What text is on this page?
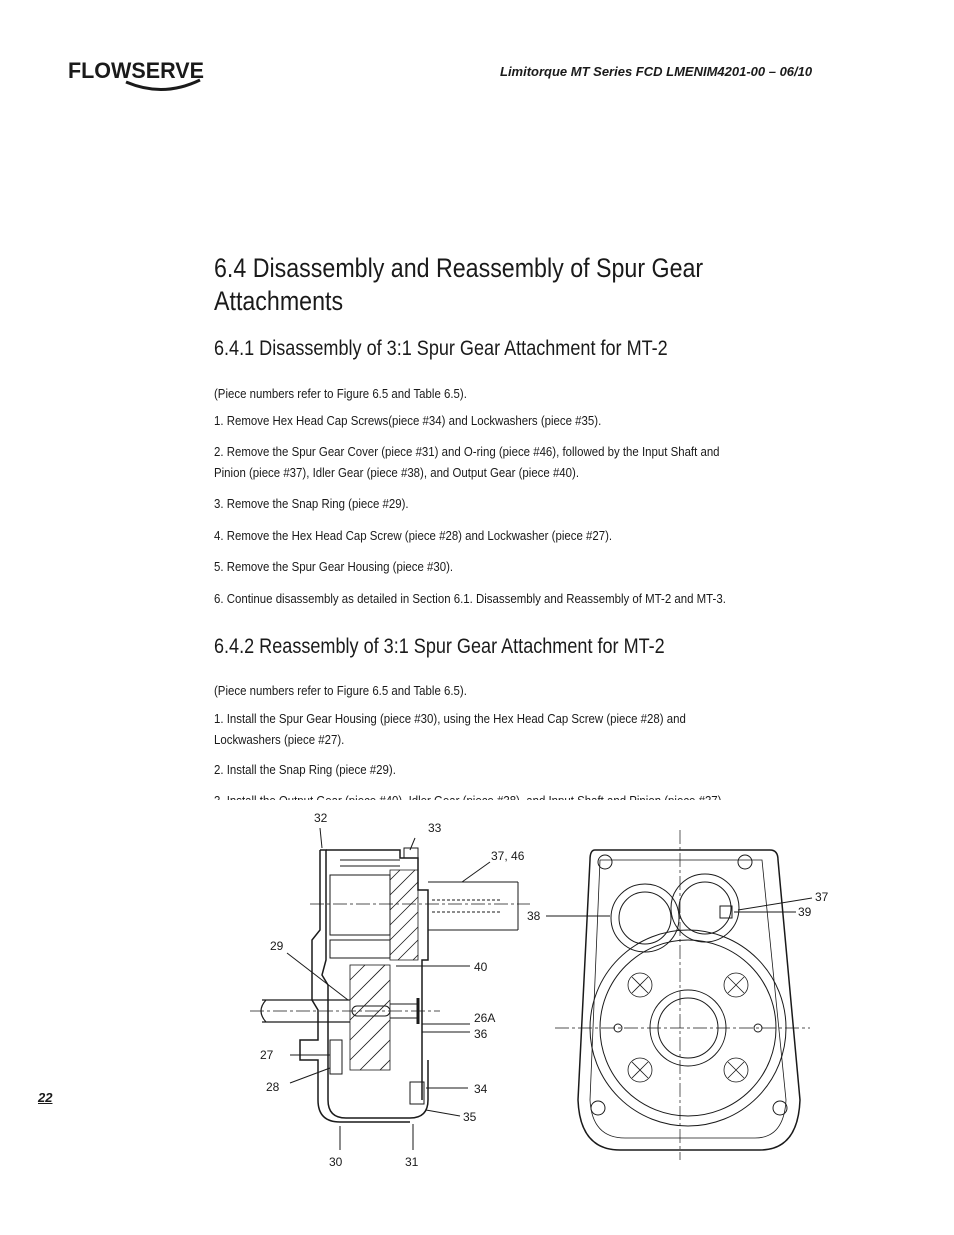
FLOWSERVE	Limitorque MT Series FCD LMENIM4201-00 – 06/10
6.4 Disassembly and Reassembly of Spur Gear
Attachments
6.4.1 Disassembly of 3:1 Spur Gear Attachment for MT-2

(Piece numbers refer to Figure 6.5 and Table 6.5).

1. Remove Hex Head Cap Screws(piece #34) and Lockwashers (piece #35).

2. Remove the Spur Gear Cover (piece #31) and O-ring (piece #46), followed by the Input Shaft and

Pinion (piece #37), Idler Gear (piece #38), and Output Gear (piece #40).

3. Remove the Snap Ring (piece #29).

4. Remove the Hex Head Cap Screw (piece #28) and Lockwasher (piece #27).

5. Remove the Spur Gear Housing (piece #30).

6. Continue disassembly as detailed in Section 6.1. Disassembly and Reassembly of MT-2 and MT-3.

6.4.2 Reassembly of 3:1 Spur Gear Attachment for MT-2

(Piece numbers refer to Figure 6.5 and Table 6.5).

1. Install the Spur Gear Housing (piece #30), using the Hex Head Cap Screw (piece #28) and

Lockwashers (piece #27).

2. Install the Snap Ring (piece #29).

32
33
37, 46
38
37
39
29
40
26A
36
27
28	34
35
30	31
22
